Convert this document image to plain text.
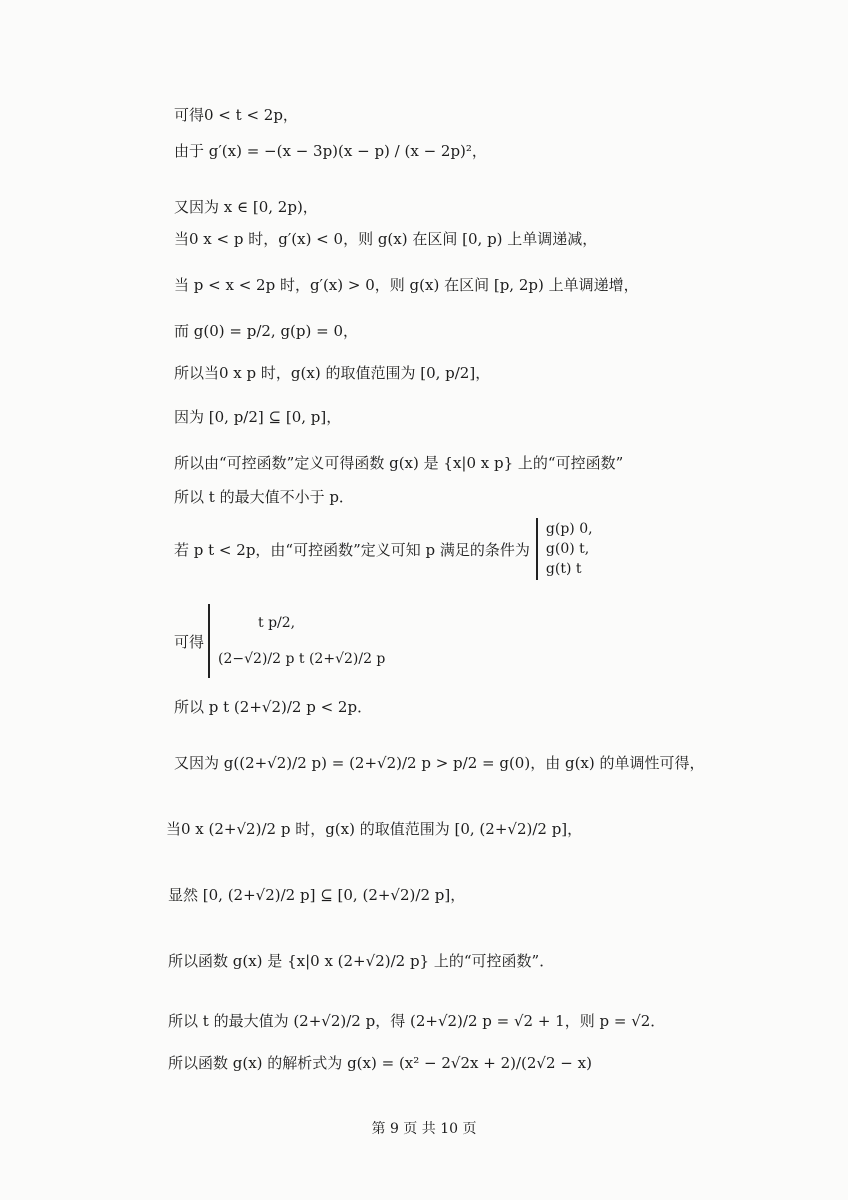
可得0 < t < 2p，
由于 g′(x) = −(x − 3p)(x − p) / (x − 2p)²，
又因为 x ∈ [0, 2p)，
当0 x < p 时，g′(x) < 0，则 g(x) 在区间 [0, p) 上单调递减，
当 p < x < 2p 时，g′(x) > 0，则 g(x) 在区间 [p, 2p) 上单调递增，
而 g(0) = p/2, g(p) = 0，
所以当0 x p 时，g(x) 的取值范围为 [0, p/2]，
因为 [0, p/2] ⊆ [0, p]，
所以由“可控函数”定义可得函数 g(x) 是 {x|0 x p} 上的“可控函数”
所以 t 的最大值不小于 p．
若 p t < 2p，由“可控函数”定义可知 p 满足的条件为
g(p) 0,
g(0) t,
g(t) t
可得
t p/2,
(2−√2)/2 p t (2+√2)/2 p
所以 p t (2+√2)/2 p < 2p．
又因为 g((2+√2)/2 p) = (2+√2)/2 p > p/2 = g(0)，由 g(x) 的单调性可得，
当0 x (2+√2)/2 p 时，g(x) 的取值范围为 [0, (2+√2)/2 p]，
显然 [0, (2+√2)/2 p] ⊆ [0, (2+√2)/2 p]，
所以函数 g(x) 是 {x|0 x (2+√2)/2 p} 上的“可控函数”．
所以 t 的最大值为 (2+√2)/2 p，得 (2+√2)/2 p = √2 + 1，则 p = √2．
所以函数 g(x) 的解析式为 g(x) = (x² − 2√2x + 2)/(2√2 − x)
第 9 页 共 10 页
